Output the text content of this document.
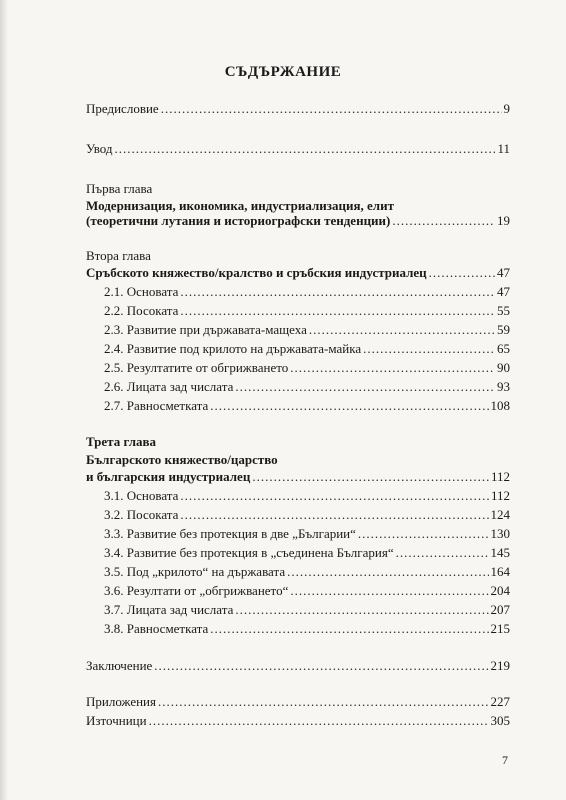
СЪДЪРЖАНИЕ
Предисловие .....	9
Увод .....	11
Първа глава
Модернизация, икономика, индустриализация, елит
(теоретични лутания и историографски тенденции) .....	19
Втора глава
Сръбското княжество/кралство и сръбския индустриалец .....	47
2.1. Основата .....	47
2.2. Посоката .....	55
2.3. Развитие при държавата-мащеха .....	59
2.4. Развитие под крилото на държавата-майка .....	65
2.5. Резултатите от обгрижването .....	90
2.6. Лицата зад числата .....	93
2.7. Равносметката .....	108
Трета глава
Българското княжество/царство
и българския индустриалец .....	112
3.1. Основата .....	112
3.2. Посоката .....	124
3.3. Развитие без протекция в две „Българии“ .....	130
3.4. Развитие без протекция в „съединена България“ .....	145
3.5. Под „крилото“ на държавата .....	164
3.6. Резултати от „обгрижването“ .....	204
3.7. Лицата зад числата .....	207
3.8. Равносметката .....	215
Заключение .....	219
Приложения .....	227
Източници .....	305
7
